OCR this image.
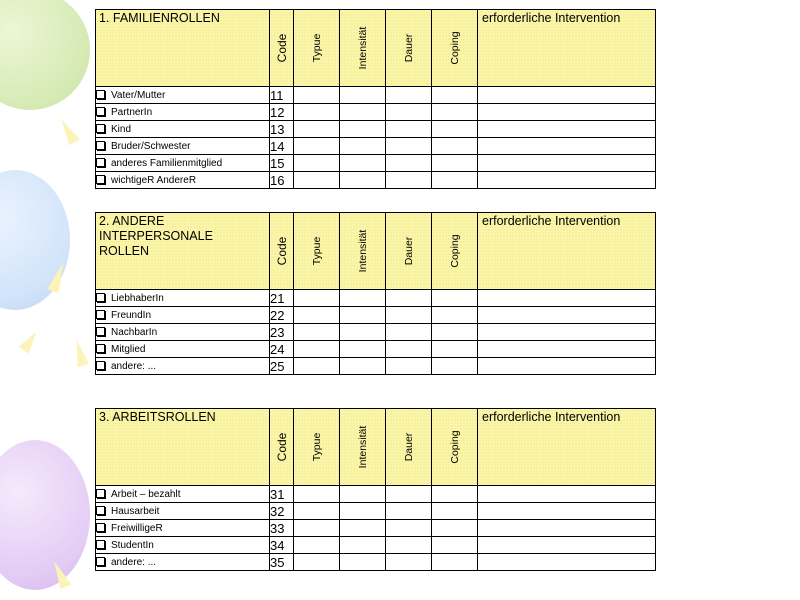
1. FAMILIENROLLEN	Code	Typue	Intensität	Dauer	Coping	erforderliche Intervention

Vater/Mutter	11					
PartnerIn	12					
Kind	13					
Bruder/Schwester	14					
anderes Familienmitglied	15					
wichtigeR AndereR	16					
2. ANDERE INTERPERSONALE ROLLEN	Code	Typue	Intensität	Dauer	Coping	erforderliche Intervention

LiebhaberIn	21					
FreundIn	22					
NachbarIn	23					
Mitglied	24					
andere: ...	25					
3. ARBEITSROLLEN	Code	Typue	Intensität	Dauer	Coping	erforderliche Intervention

Arbeit – bezahlt	31					
Hausarbeit	32					
FreiwilligeR	33					
StudentIn	34					
andere: ...	35					
